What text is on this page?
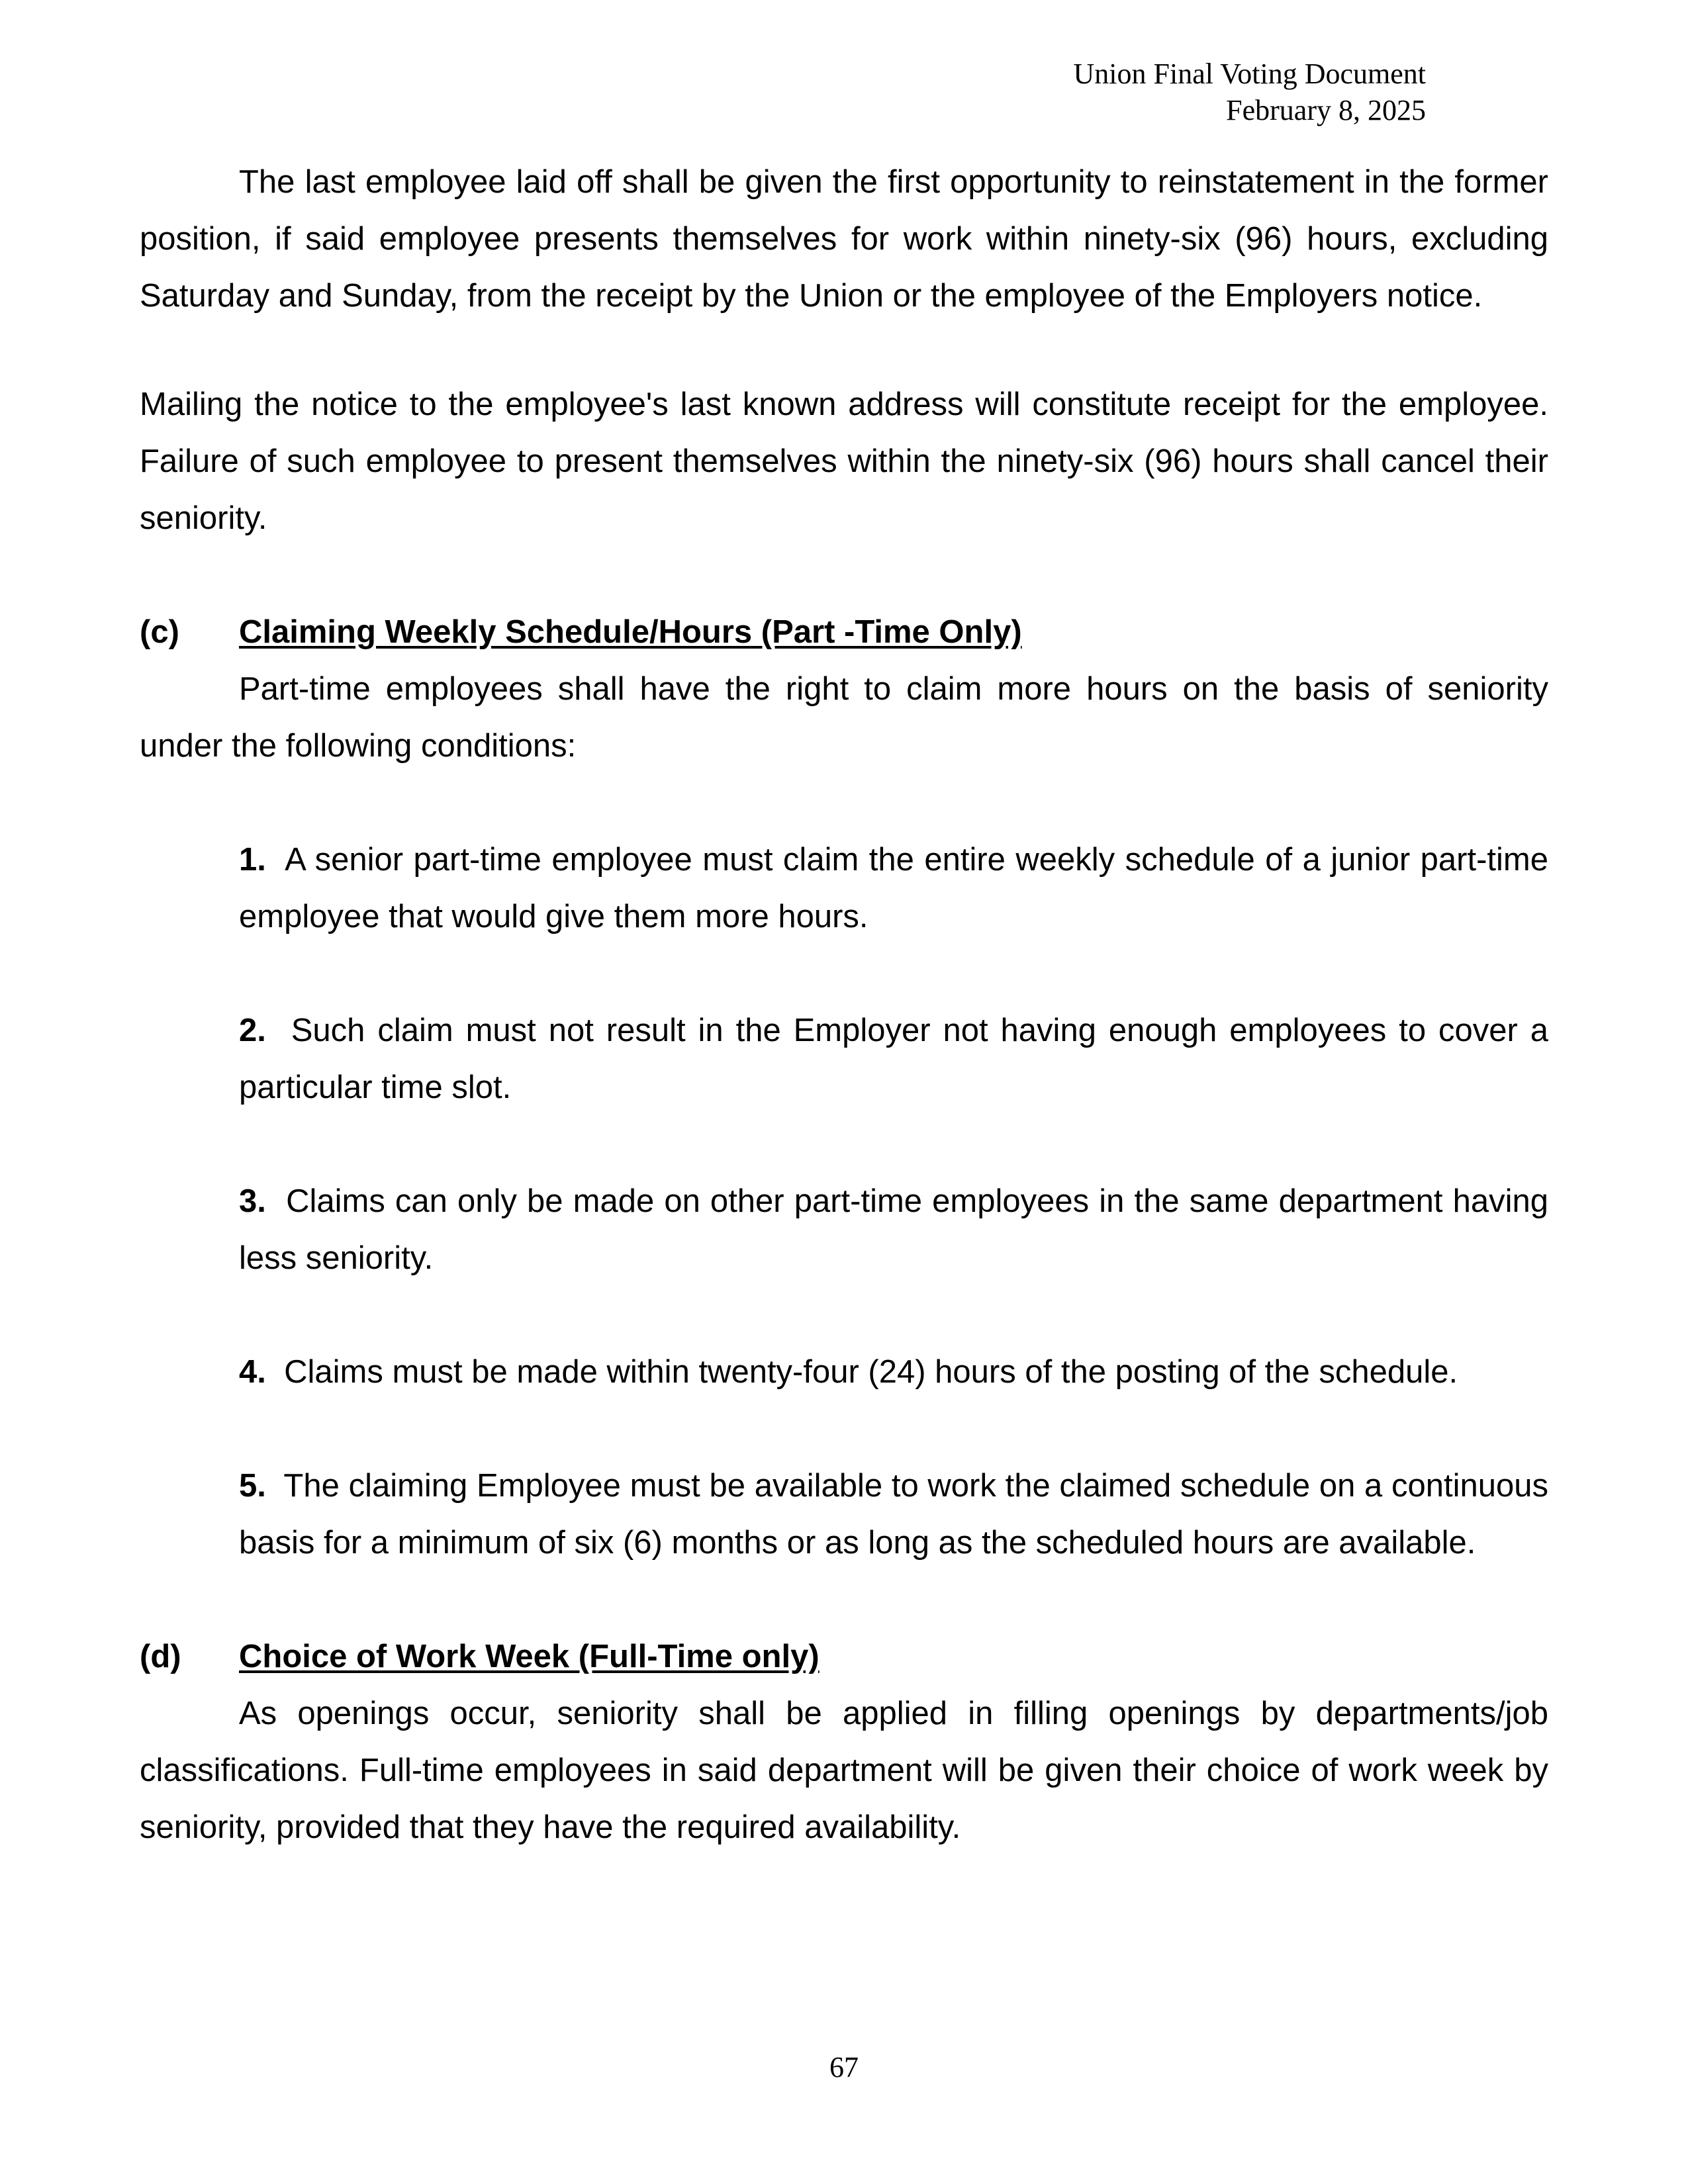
Union Final Voting Document
February 8, 2025

The last employee laid off shall be given the first opportunity to reinstatement in the former position, if said employee presents themselves for work within ninety-six (96) hours, excluding Saturday and Sunday, from the receipt by the Union or the employee of the Employers notice.

Mailing the notice to the employee's last known address will constitute receipt for the employee. Failure of such employee to present themselves within the ninety-six (96) hours shall cancel their seniority.

(c) Claiming Weekly Schedule/Hours (Part -Time Only)

Part-time employees shall have the right to claim more hours on the basis of seniority under the following conditions:

1. A senior part-time employee must claim the entire weekly schedule of a junior part-time employee that would give them more hours.

2. Such claim must not result in the Employer not having enough employees to cover a particular time slot.

3. Claims can only be made on other part-time employees in the same department having less seniority.

4. Claims must be made within twenty-four (24) hours of the posting of the schedule.

5. The claiming Employee must be available to work the claimed schedule on a continuous basis for a minimum of six (6) months or as long as the scheduled hours are available.

(d) Choice of Work Week (Full-Time only)

As openings occur, seniority shall be applied in filling openings by departments/job classifications. Full-time employees in said department will be given their choice of work week by seniority, provided that they have the required availability.

67
